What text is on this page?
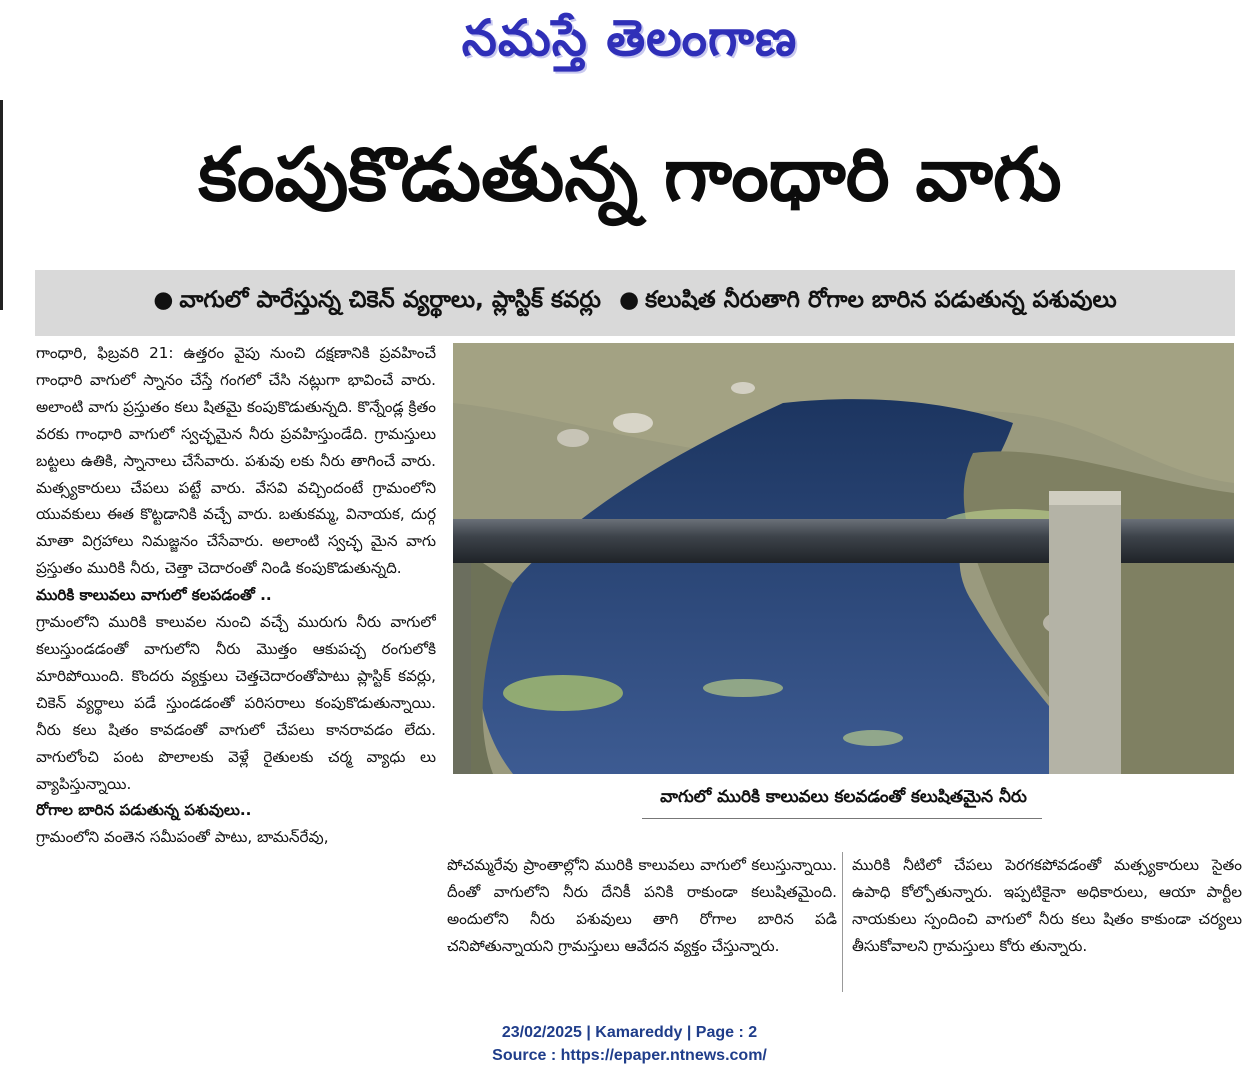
నమస్తే తెలంగాణ
కంపుకొడుతున్న గాంధారి వాగు
● వాగులో పారేస్తున్న చికెన్ వ్యర్థాలు, ప్లాస్టిక్ కవర్లు ● కలుషిత నీరుతాగి రోగాల బారిన పడుతున్న పశువులు

గాంధారి, ఫిబ్రవరి 21: ఉత్తరం వైపు నుంచి దక్షణానికి ప్రవహించే గాంధారి వాగులో స్నానం చేస్తే గంగలో చేసి నట్లుగా భావించే వారు. అలాంటి వాగు ప్రస్తుతం కలు షితమై కంపుకొడుతున్నది. కొన్నేండ్ల క్రితం వరకు గాంధారి వాగులో స్వచ్ఛమైన నీరు ప్రవహిస్తుండేది. గ్రామస్తులు బట్టలు ఉతికి, స్నానాలు చేసేవారు. పశువు లకు నీరు తాగించే వారు. మత్స్యకారులు చేపలు పట్టే వారు. వేసవి వచ్చిందంటే గ్రామంలోని యువకులు ఈత కొట్టడానికి వచ్చే వారు. బతుకమ్మ, వినాయక, దుర్గ మాతా విగ్రహాలు నిమజ్జనం చేసేవారు. అలాంటి స్వచ్ఛ మైన వాగు ప్రస్తుతం మురికి నీరు, చెత్తా చెదారంతో నిండి కంపుకొడుతున్నది.

మురికి కాలువలు వాగులో కలపడంతో ..

గ్రామంలోని మురికి కాలువల నుంచి వచ్చే మురుగు నీరు వాగులో కలుస్తుండడంతో వాగులోని నీరు మొత్తం ఆకుపచ్చ రంగులోకి మారిపోయింది. కొందరు వ్యక్తులు చెత్తచెదారంతోపాటు ప్లాస్టిక్ కవర్లు, చికెన్ వ్యర్థాలు పడే స్తుండడంతో పరిసరాలు కంపుకొడుతున్నాయి. నీరు కలు షితం కావడంతో వాగులో చేపలు కానరావడం లేదు. వాగులోంచి పంట పొలాలకు వెళ్లే రైతులకు చర్మ వ్యాధు లు వ్యాపిస్తున్నాయి.

రోగాల బారిన పడుతున్న పశువులు..

గ్రామంలోని వంతెన సమీపంతో పాటు, బామన్‌రేవు,

వాగులో మురికి కాలువలు కలవడంతో కలుషితమైన నీరు

పోచమ్మరేవు ప్రాంతాల్లోని మురికి కాలువలు వాగులో కలుస్తున్నాయి. దీంతో వాగులోని నీరు దేనికీ పనికి రాకుండా కలుషితమైంది. అందులోని నీరు పశువులు తాగి రోగాల బారిన పడి చనిపోతున్నాయని గ్రామస్తులు ఆవేదన వ్యక్తం చేస్తున్నారు.

మురికి నీటిలో చేపలు పెరగకపోవడంతో మత్స్యకారులు సైతం ఉపాధి కోల్పోతున్నారు. ఇప్పటికైనా అధికారులు, ఆయా పార్టీల నాయకులు స్పందించి వాగులో నీరు కలు షితం కాకుండా చర్యలు తీసుకోవాలని గ్రామస్తులు కోరు తున్నారు.

23/02/2025 | Kamareddy | Page : 2
Source : https://epaper.ntnews.com/
